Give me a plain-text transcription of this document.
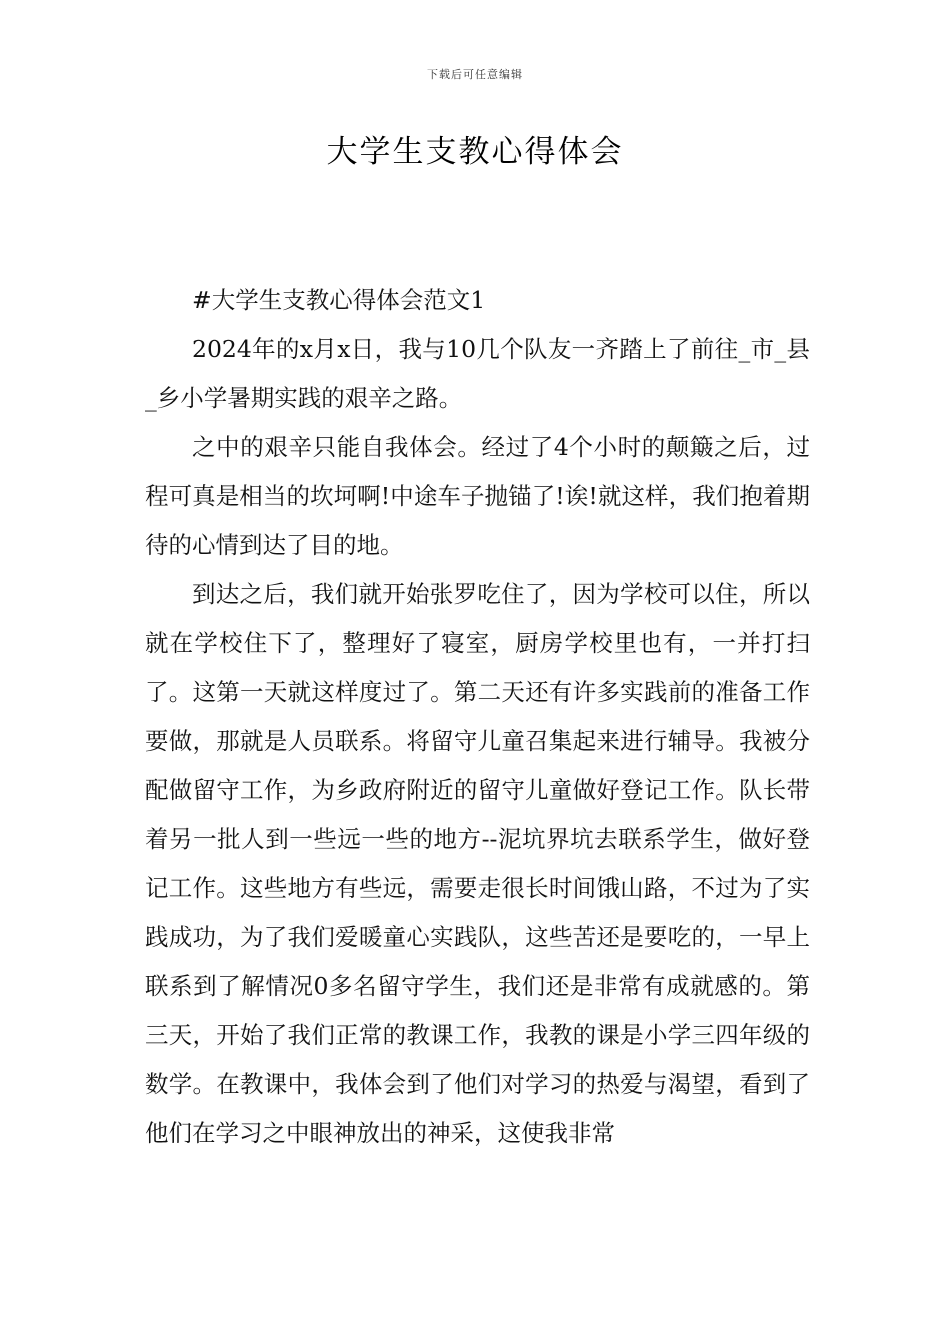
下载后可任意编辑
大学生支教心得体会

#大学生支教心得体会范文1

2024年的x月x日，我与10几个队友一齐踏上了前往_市_县_乡小学暑期实践的艰辛之路。

之中的艰辛只能自我体会。经过了4个小时的颠簸之后，过程可真是相当的坎坷啊!中途车子抛锚了!诶!就这样，我们抱着期待的心情到达了目的地。

到达之后，我们就开始张罗吃住了，因为学校可以住，所以就在学校住下了，整理好了寝室，厨房学校里也有，一并打扫了。这第一天就这样度过了。第二天还有许多实践前的准备工作要做，那就是人员联系。将留守儿童召集起来进行辅导。我被分配做留守工作，为乡政府附近的留守儿童做好登记工作。队长带着另一批人到一些远一些的地方--泥坑界坑去联系学生，做好登记工作。这些地方有些远，需要走很长时间饿山路，不过为了实践成功，为了我们爱暖童心实践队，这些苦还是要吃的，一早上联系到了解情况0多名留守学生，我们还是非常有成就感的。第三天，开始了我们正常的教课工作，我教的课是小学三四年级的数学。在教课中，我体会到了他们对学习的热爱与渴望，看到了他们在学习之中眼神放出的神采，这使我非常
